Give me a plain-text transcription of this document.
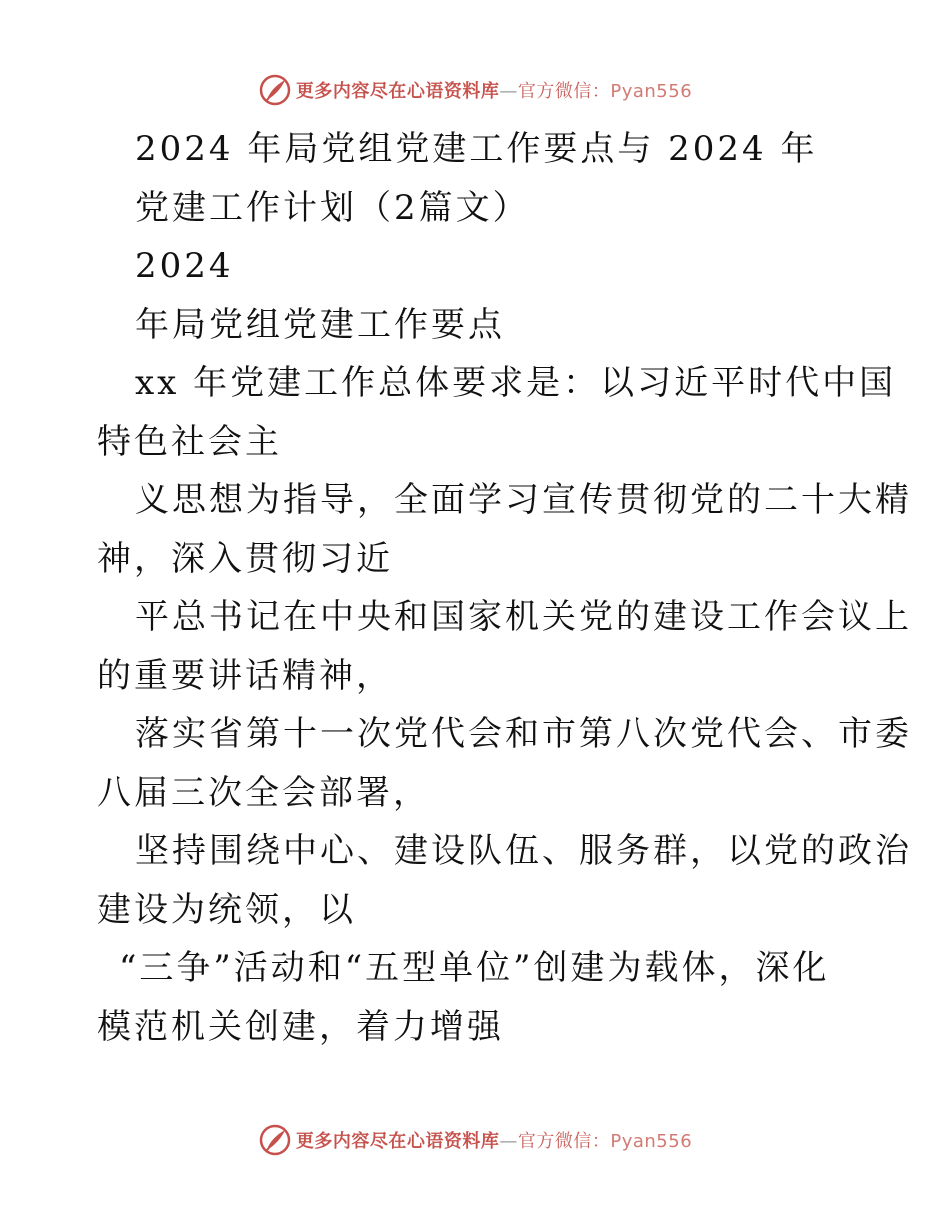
更多内容尽在心语资料库—官方微信：Pyan556
2024 年局党组党建工作要点与 2024 年
党建工作计划（2篇文）
2024
年局党组党建工作要点
xx 年党建工作总体要求是：以习近平时代中国
特色社会主
义思想为指导，全面学习宣传贯彻党的二十大精
神，深入贯彻习近
平总书记在中央和国家机关党的建设工作会议上
的重要讲话精神，
落实省第十一次党代会和市第八次党代会、市委
八届三次全会部署，
坚持围绕中心、建设队伍、服务群，以党的政治
建设为统领，以
“三争”活动和“五型单位”创建为载体，深化
模范机关创建，着力增强
更多内容尽在心语资料库—官方微信：Pyan556
